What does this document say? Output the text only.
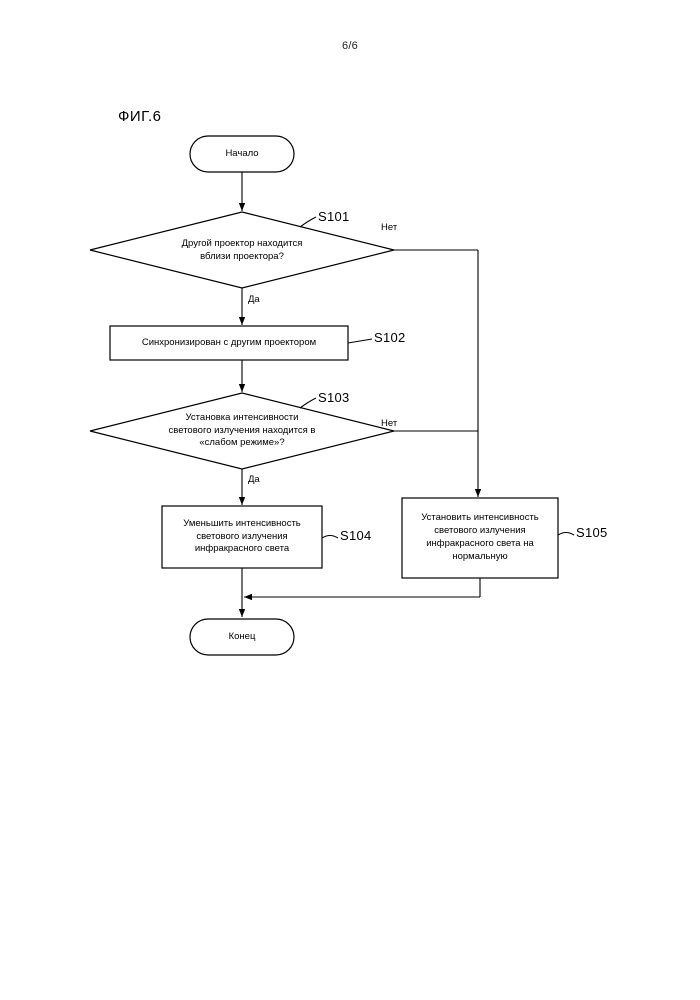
6/6
ФИГ.6
Начало
Другой проектор находится
вблизи проектора?
Синхронизирован с другим проектором
Установка интенсивности
светового излучения находится в
«слабом режиме»?
Уменьшить интенсивность
светового излучения
инфракрасного света
Установить интенсивность
светового излучения
инфракрасного света на
нормальную
Конец
S101
S102
S103
S104	S105
Нет
Да
Нет
Да
